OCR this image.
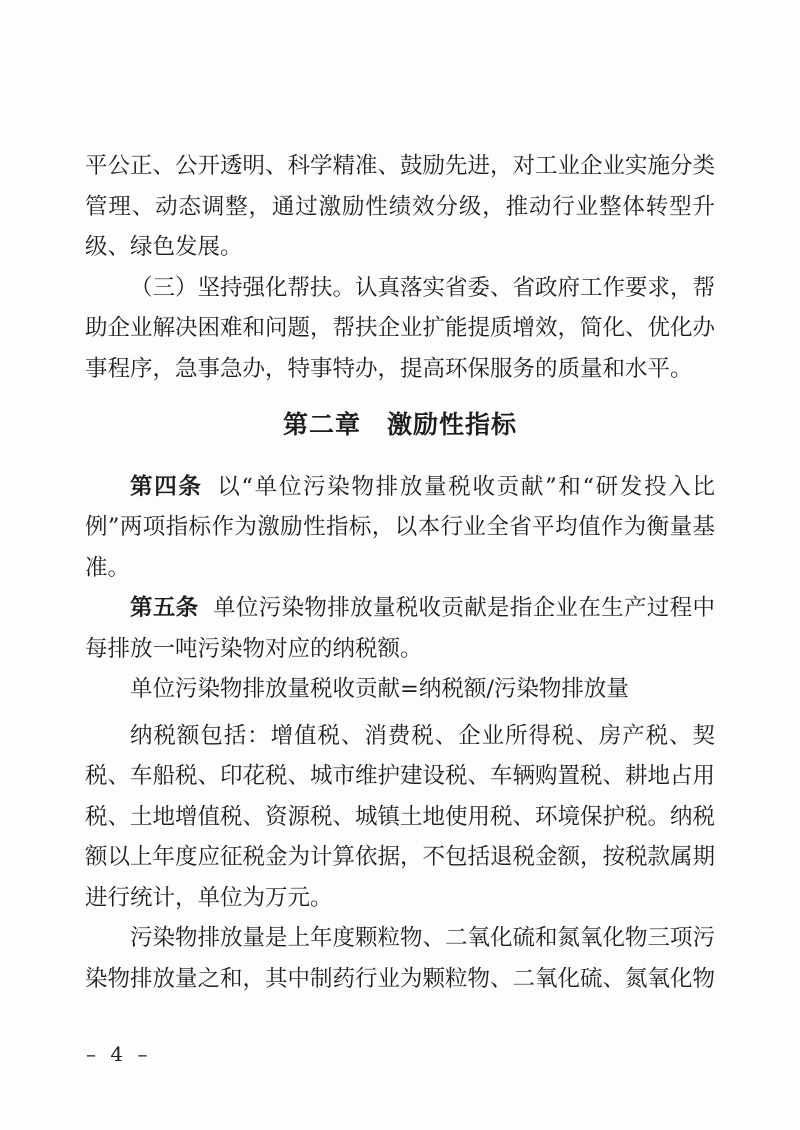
平公正、公开透明、科学精准、鼓励先进，对工业企业实施分类管理、动态调整，通过激励性绩效分级，推动行业整体转型升级、绿色发展。

（三）坚持强化帮扶。认真落实省委、省政府工作要求，帮助企业解决困难和问题，帮扶企业扩能提质增效，简化、优化办事程序，急事急办，特事特办，提高环保服务的质量和水平。

第二章　激励性指标

第四条 以“单位污染物排放量税收贡献”和“研发投入比例”两项指标作为激励性指标，以本行业全省平均值作为衡量基准。

第五条 单位污染物排放量税收贡献是指企业在生产过程中每排放一吨污染物对应的纳税额。

单位污染物排放量税收贡献=纳税额/污染物排放量

纳税额包括：增值税、消费税、企业所得税、房产税、契税、车船税、印花税、城市维护建设税、车辆购置税、耕地占用税、土地增值税、资源税、城镇土地使用税、环境保护税。纳税额以上年度应征税金为计算依据，不包括退税金额，按税款属期进行统计，单位为万元。

污染物排放量是上年度颗粒物、二氧化硫和氮氧化物三项污染物排放量之和，其中制药行业为颗粒物、二氧化硫、氮氧化物

– 4 –
